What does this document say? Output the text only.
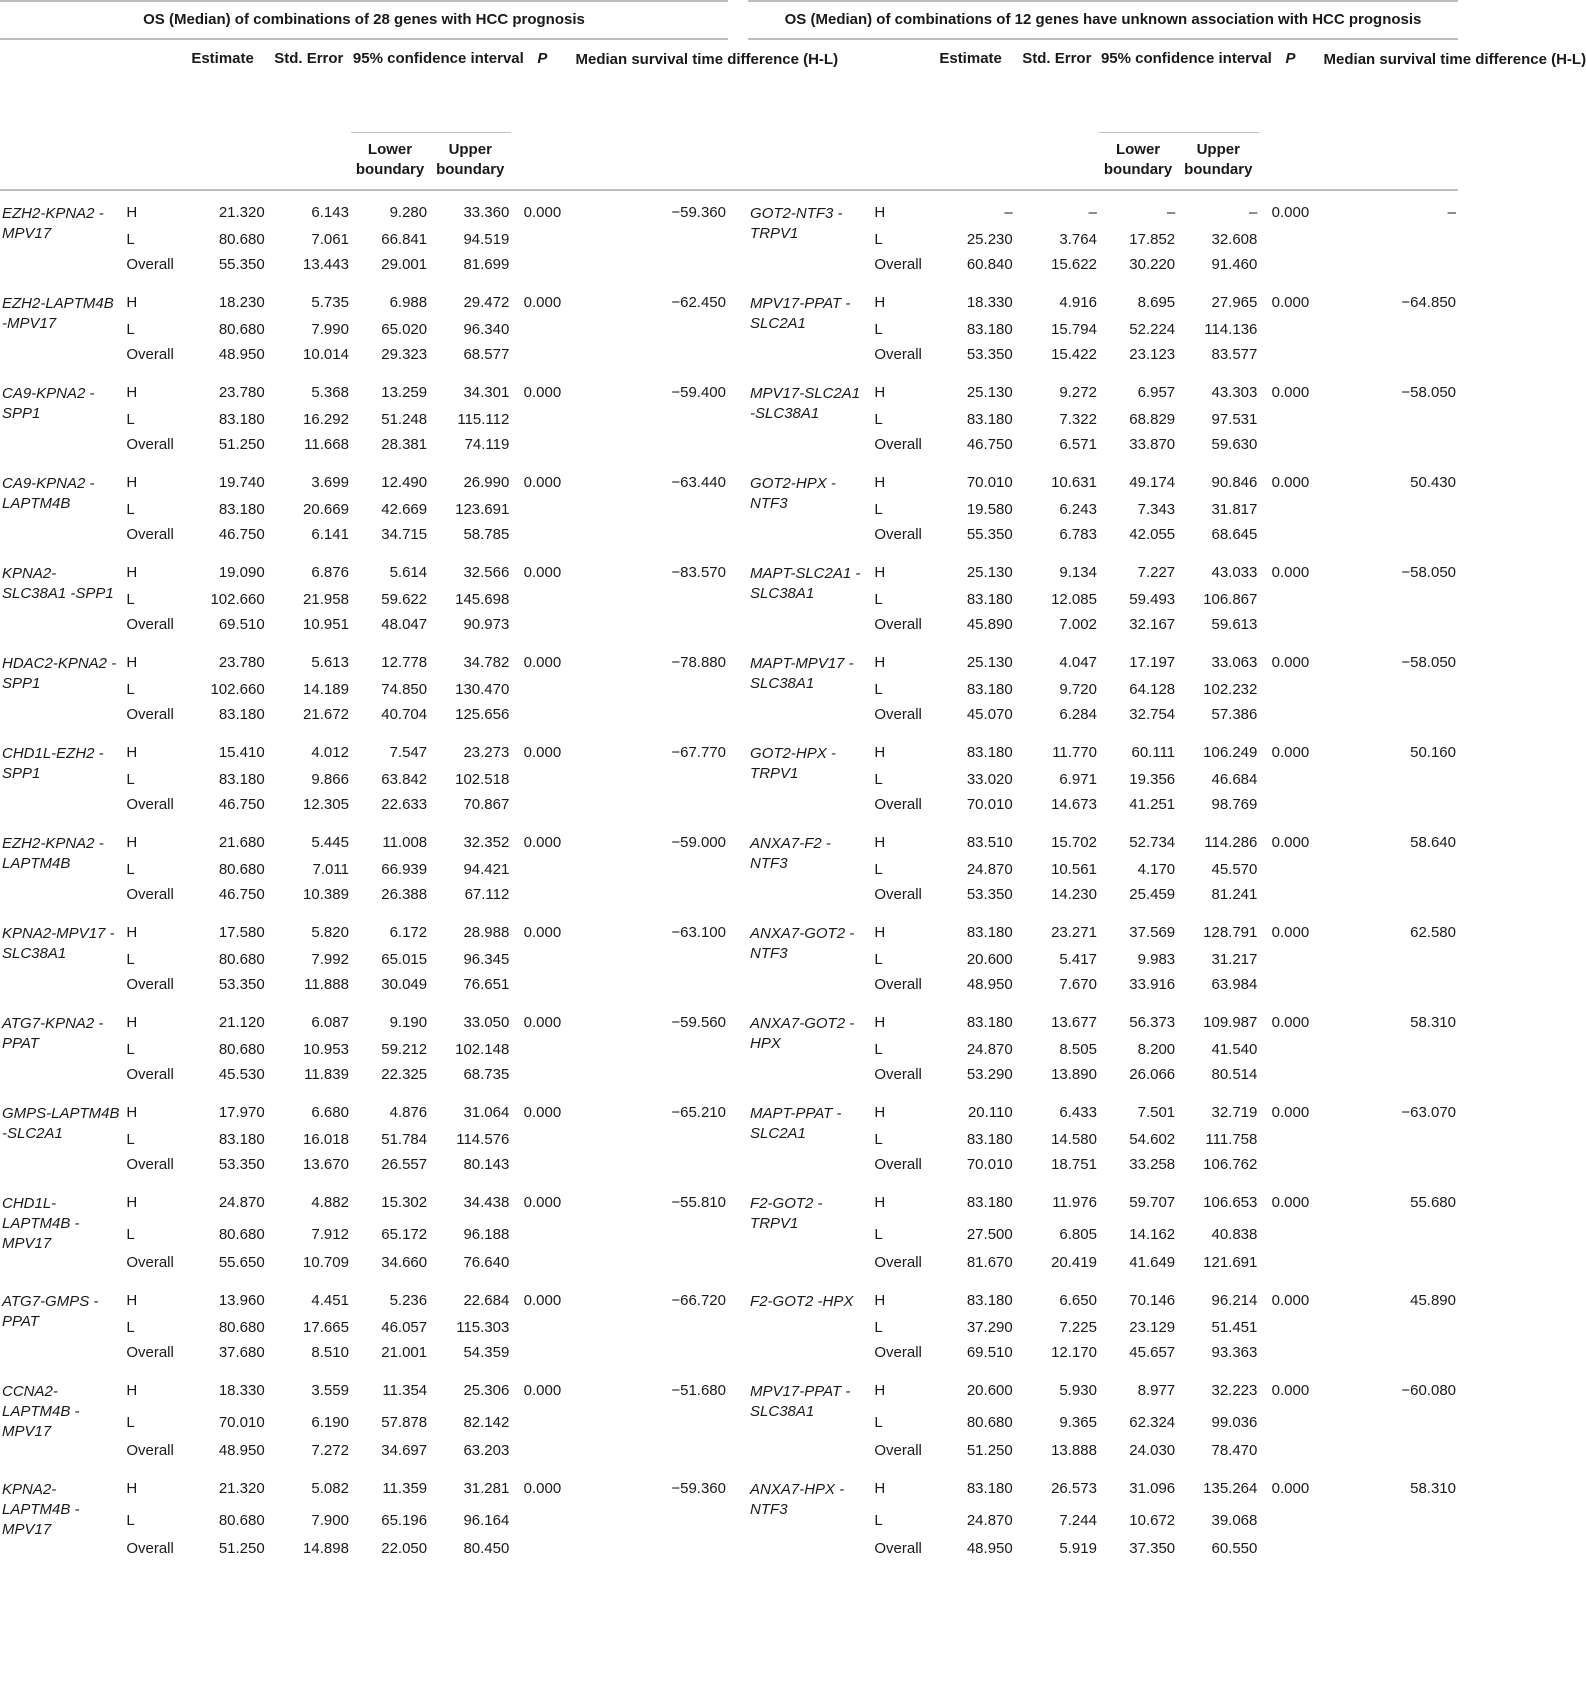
OS (Median) of combinations of 28 genes with HCC prognosis									OS (Median) of combinations of 12 genes have unknown association with HCC prognosis							
		Estimate	Std. Error	95% confidence interval		P	Median survival time difference (H-L)				Estimate	Std. Error	95% confidence interval		P	Median survival time difference (H-L)
				Lower boundary	Upper boundary								Lower boundary	Upper boundary		
EZH2-KPNA2 -MPV17	H	21.320	6.143	9.280	33.360	0.000	−59.360		GOT2-NTF3 -TRPV1	H	–	–	–	–	0.000	–
	L	80.680	7.061	66.841	94.519					L	25.230	3.764	17.852	32.608		
	Overall	55.350	13.443	29.001	81.699					Overall	60.840	15.622	30.220	91.460		
EZH2-LAPTM4B -MPV17	H	18.230	5.735	6.988	29.472	0.000	−62.450		MPV17-PPAT -SLC2A1	H	18.330	4.916	8.695	27.965	0.000	−64.850
	L	80.680	7.990	65.020	96.340					L	83.180	15.794	52.224	114.136		
	Overall	48.950	10.014	29.323	68.577					Overall	53.350	15.422	23.123	83.577		
CA9-KPNA2 -SPP1	H	23.780	5.368	13.259	34.301	0.000	−59.400		MPV17-SLC2A1 -SLC38A1	H	25.130	9.272	6.957	43.303	0.000	−58.050
	L	83.180	16.292	51.248	115.112					L	83.180	7.322	68.829	97.531		
	Overall	51.250	11.668	28.381	74.119					Overall	46.750	6.571	33.870	59.630		
CA9-KPNA2 -LAPTM4B	H	19.740	3.699	12.490	26.990	0.000	−63.440		GOT2-HPX -NTF3	H	70.010	10.631	49.174	90.846	0.000	50.430
	L	83.180	20.669	42.669	123.691					L	19.580	6.243	7.343	31.817		
	Overall	46.750	6.141	34.715	58.785					Overall	55.350	6.783	42.055	68.645		
KPNA2-SLC38A1 -SPP1	H	19.090	6.876	5.614	32.566	0.000	−83.570		MAPT-SLC2A1 -SLC38A1	H	25.130	9.134	7.227	43.033	0.000	−58.050
	L	102.660	21.958	59.622	145.698					L	83.180	12.085	59.493	106.867		
	Overall	69.510	10.951	48.047	90.973					Overall	45.890	7.002	32.167	59.613		
HDAC2-KPNA2 -SPP1	H	23.780	5.613	12.778	34.782	0.000	−78.880		MAPT-MPV17 -SLC38A1	H	25.130	4.047	17.197	33.063	0.000	−58.050
	L	102.660	14.189	74.850	130.470					L	83.180	9.720	64.128	102.232		
	Overall	83.180	21.672	40.704	125.656					Overall	45.070	6.284	32.754	57.386		
CHD1L-EZH2 -SPP1	H	15.410	4.012	7.547	23.273	0.000	−67.770		GOT2-HPX -TRPV1	H	83.180	11.770	60.111	106.249	0.000	50.160
	L	83.180	9.866	63.842	102.518					L	33.020	6.971	19.356	46.684		
	Overall	46.750	12.305	22.633	70.867					Overall	70.010	14.673	41.251	98.769		
EZH2-KPNA2 -LAPTM4B	H	21.680	5.445	11.008	32.352	0.000	−59.000		ANXA7-F2 -NTF3	H	83.510	15.702	52.734	114.286	0.000	58.640
	L	80.680	7.011	66.939	94.421					L	24.870	10.561	4.170	45.570		
	Overall	46.750	10.389	26.388	67.112					Overall	53.350	14.230	25.459	81.241		
KPNA2-MPV17 -SLC38A1	H	17.580	5.820	6.172	28.988	0.000	−63.100		ANXA7-GOT2 -NTF3	H	83.180	23.271	37.569	128.791	0.000	62.580
	L	80.680	7.992	65.015	96.345					L	20.600	5.417	9.983	31.217		
	Overall	53.350	11.888	30.049	76.651					Overall	48.950	7.670	33.916	63.984		
ATG7-KPNA2 -PPAT	H	21.120	6.087	9.190	33.050	0.000	−59.560		ANXA7-GOT2 -HPX	H	83.180	13.677	56.373	109.987	0.000	58.310
	L	80.680	10.953	59.212	102.148					L	24.870	8.505	8.200	41.540		
	Overall	45.530	11.839	22.325	68.735					Overall	53.290	13.890	26.066	80.514		
GMPS-LAPTM4B -SLC2A1	H	17.970	6.680	4.876	31.064	0.000	−65.210		MAPT-PPAT -SLC2A1	H	20.110	6.433	7.501	32.719	0.000	−63.070
	L	83.180	16.018	51.784	114.576					L	83.180	14.580	54.602	111.758		
	Overall	53.350	13.670	26.557	80.143					Overall	70.010	18.751	33.258	106.762		
CHD1L-LAPTM4B -MPV17	H	24.870	4.882	15.302	34.438	0.000	−55.810		F2-GOT2 -TRPV1	H	83.180	11.976	59.707	106.653	0.000	55.680
	L	80.680	7.912	65.172	96.188					L	27.500	6.805	14.162	40.838		
	Overall	55.650	10.709	34.660	76.640					Overall	81.670	20.419	41.649	121.691		
ATG7-GMPS -PPAT	H	13.960	4.451	5.236	22.684	0.000	−66.720		F2-GOT2 -HPX	H	83.180	6.650	70.146	96.214	0.000	45.890
	L	80.680	17.665	46.057	115.303					L	37.290	7.225	23.129	51.451		
	Overall	37.680	8.510	21.001	54.359					Overall	69.510	12.170	45.657	93.363		
CCNA2-LAPTM4B -MPV17	H	18.330	3.559	11.354	25.306	0.000	−51.680		MPV17-PPAT -SLC38A1	H	20.600	5.930	8.977	32.223	0.000	−60.080
	L	70.010	6.190	57.878	82.142					L	80.680	9.365	62.324	99.036		
	Overall	48.950	7.272	34.697	63.203					Overall	51.250	13.888	24.030	78.470		
KPNA2-LAPTM4B -MPV17	H	21.320	5.082	11.359	31.281	0.000	−59.360		ANXA7-HPX -NTF3	H	83.180	26.573	31.096	135.264	0.000	58.310
	L	80.680	7.900	65.196	96.164					L	24.870	7.244	10.672	39.068		
	Overall	51.250	14.898	22.050	80.450					Overall	48.950	5.919	37.350	60.550		
